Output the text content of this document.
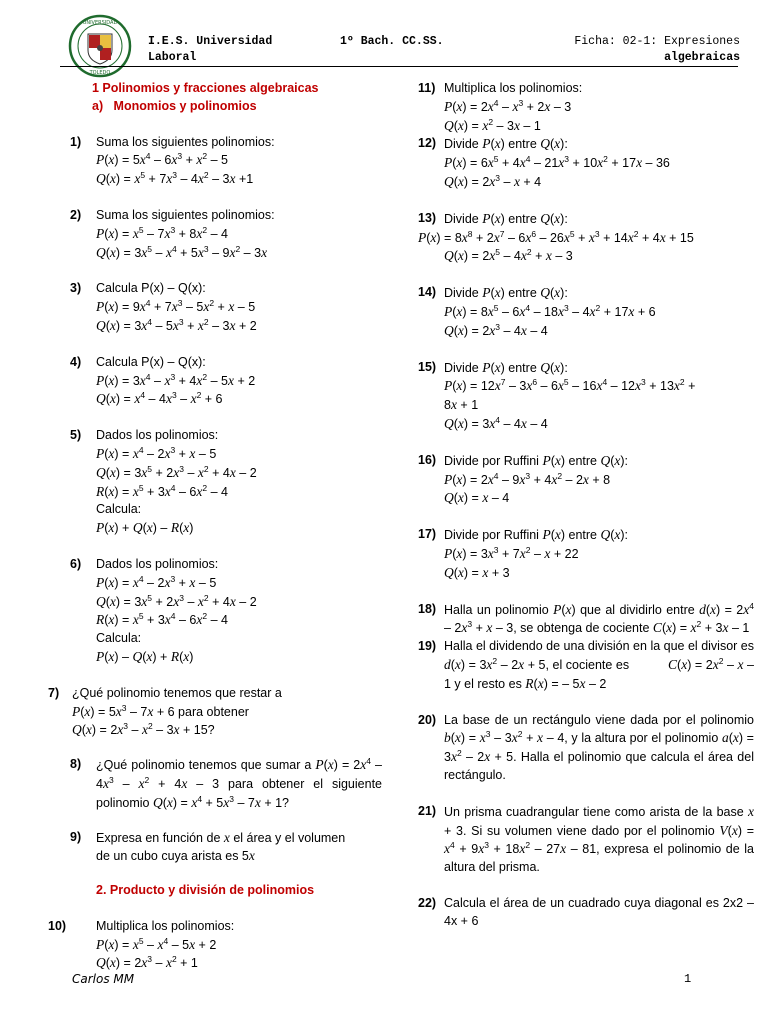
UNIVERSIDAD
TOLEDO
I.E.S. Universidad
Laboral
1º Bach. CC.SS.	Ficha: 02-1: Expresiones
algebraicas
1 Polinomios y fracciones algebraicas
a)   Monomios y polinomios
1) Suma los siguientes polinomios:
$P(x) = 5x^4 - 6x^3 + x^2 - 5$
$Q(x) = x^5 + 7x^3 - 4x^2 - 3x +1$
2) Suma los siguientes polinomios:
$P(x) = x^5 - 7x^3 + 8x^2 - 4$
$Q(x) = 3x^5 - x^4 + 5x^3 - 9x^2 - 3x$
3) Calcula P(x) – Q(x):
$P(x) = 9x^4 + 7x^3 - 5x^2 + x - 5$
$Q(x) = 3x^4 - 5x^3 + x^2 - 3x + 2$
4) Calcula P(x) – Q(x):
$P(x) = 3x^4 - x^3 + 4x^2 - 5x + 2$
$Q(x) = x^4 - 4x^3 - x^2 + 6$
5) Dados los polinomios:
$P(x) = x^4 - 2x^3 + x - 5$
$Q(x) = 3x^5 + 2x^3 - x^2 + 4x - 2$
$R(x) = x^5 + 3x^4 - 6x^2 - 4$
Calcula:
P(x) + Q(x) – R(x)
6) Dados los polinomios:
$P(x) = x^4 - 2x^3 + x - 5$
$Q(x) = 3x^5 + 2x^3 - x^2 + 4x - 2$
$R(x) = x^5 + 3x^4 - 6x^2 - 4$
Calcula:
P(x) – Q(x) + R(x)
7) ¿Qué polinomio tenemos que restar a
$P(x) = 5x^3 - 7x + 6$ para obtener
$Q(x) = 2x^3 - x^2 - 3x + 15$?
8) ¿Qué polinomio tenemos que sumar a $P(x) = 2x^4 - 4x^3 - x^2 + 4x - 3$ para obtener el siguiente polinomio $Q(x) = x^4 + 5x^3 - 7x + 1$?
9) Expresa en función de x el área y el volumen
de un cubo cuya arista es 5x
2. Producto y división de polinomios
10) Multiplica los polinomios:
$P(x) = x^5 - x^4 - 5x + 2$
$Q(x) = 2x^3 - x^2 + 1$
11) Multiplica los polinomios:
$P(x) = 2x^4 - x^3 + 2x - 3$
$Q(x) = x^2 - 3x - 1$
12) Divide P(x) entre Q(x):
$P(x) = 6x^5 + 4x^4 - 21x^3 + 10x^2 + 17x - 36$
$Q(x) = 2x^3 - x + 4$
13) Divide P(x) entre Q(x):
$P(x) = 8x^8 + 2x^7 - 6x^6 - 26x^5 + x^3 + 14x^2 + 4x + 15$
$Q(x) = 2x^5 - 4x^2 + x - 3$
14) Divide P(x) entre Q(x):
$P(x) = 8x^5 - 6x^4 - 18x^3 - 4x^2 + 17x + 6$
$Q(x) = 2x^3 - 4x - 4$
15) Divide P(x) entre Q(x):
$P(x) = 12x^7 - 3x^6 - 6x^5 - 16x^4 - 12x^3 + 13x^2$ +
8x + 1
$Q(x) = 3x^4 - 4x - 4$
16) Divide por Ruffini P(x) entre Q(x):
$P(x) = 2x^4 - 9x^3 + 4x^2 - 2x + 8$
Q(x) = x – 4
17) Divide por Ruffini P(x) entre Q(x):
$P(x) = 3x^3 + 7x^2 - x + 22$
Q(x) = x + 3
18) Halla un polinomio P(x) que al dividirlo entre $d(x) = 2x^4 - 2x^3 + x - 3$, se obtenga de cociente $C(x) = x^2 + 3x - 1$
19) Halla el dividendo de una división en la que el divisor es $d(x) = 3x^2 - 2x + 5$, el cociente es           $C(x) = 2x^2 - x - 1$ y el resto es R(x) = – 5x – 2
20) La base de un rectángulo viene dada por el polinomio $b(x) = x^3 - 3x^2 + x - 4$, y la altura por el polinomio $a(x) = 3x^2 - 2x + 5$. Halla el polinomio que calcula el área del rectángulo.
21) Un prisma cuadrangular tiene como arista de la base x + 3. Si su volumen viene dado por el polinomio $V(x) = x^4 + 9x^3 + 18x^2 - 27x - 81$, expresa el polinomio de la altura del prisma.
22) Calcula el área de un cuadrado cuya diagonal es 2x2 – 4x + 6
Carlos MM	1
